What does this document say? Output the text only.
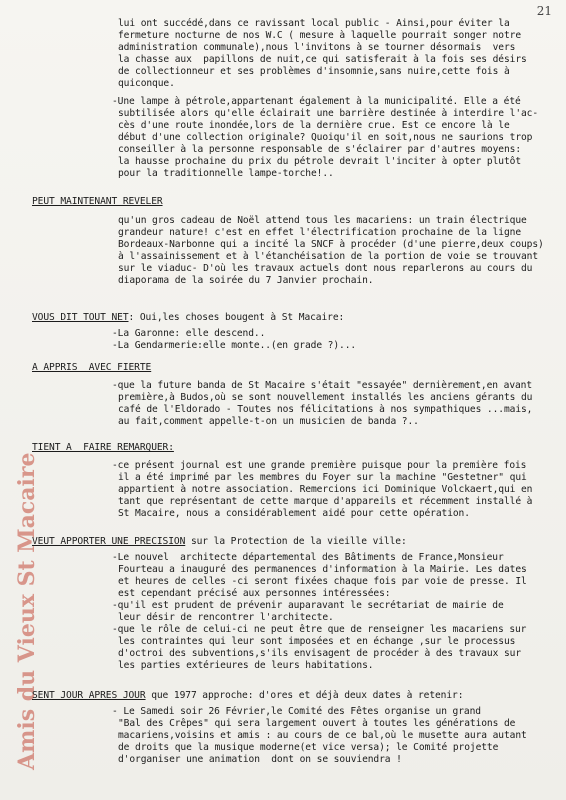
21
Amis du Vieux St Macaire
lui ont succédé,dans ce ravissant local public - Ainsi,pour éviter la
fermeture nocturne de nos W.C ( mesure à laquelle pourrait songer notre
administration communale),nous l'invitons à se tourner désormais  vers
la chasse aux  papillons de nuit,ce qui satisferait à la fois ses désirs
de collectionneur et ses problèmes d'insomnie,sans nuire,cette fois à
quiconque.
-Une lampe à pétrole,appartenant également à la municipalité. Elle a été
subtilisée alors qu'elle éclairait une barrière destinée à interdire l'ac-
cès d'une route inondée,lors de la dernière crue. Est ce encore là le
début d'une collection originale? Quoiqu'il en soit,nous ne saurions trop
conseiller à la personne responsable de s'éclairer par d'autres moyens:
la hausse prochaine du prix du pétrole devrait l'inciter à opter plutôt
pour la traditionnelle lampe-torche!..
PEUT MAINTENANT REVELER
qu'un gros cadeau de Noël attend tous les macariens: un train électrique
grandeur nature! c'est en effet l'électrification prochaine de la ligne
Bordeaux-Narbonne qui a incité la SNCF à procéder (d'une pierre,deux coups)
à l'assainissement et à l'étanchéisation de la portion de voie se trouvant
sur le viaduc- D'où les travaux actuels dont nous reparlerons au cours du
diaporama de la soirée du 7 Janvier prochain.
VOUS DIT TOUT NET: Oui,les choses bougent à St Macaire:
-La Garonne: elle descend..
-La Gendarmerie:elle monte..(en grade ?)...
A APPRIS  AVEC FIERTE
-que la future banda de St Macaire s'était "essayée" dernièrement,en avant
première,à Budos,où se sont nouvellement installés les anciens gérants du
café de l'Eldorado - Toutes nos félicitations à nos sympathiques ...mais,
au fait,comment appelle-t-on un musicien de banda ?..
TIENT A  FAIRE REMARQUER:
-ce présent journal est une grande première puisque pour la première fois
il a été imprimé par les membres du Foyer sur la machine "Gestetner" qui
appartient à notre association. Remercions ici Dominique Volckaert,qui en
tant que représentant de cette marque d'appareils et récemment installé à
St Macaire, nous a considérablement aidé pour cette opération.
VEUT APPORTER UNE PRECISION sur la Protection de la vieille ville:
-Le nouvel  architecte départemental des Bâtiments de France,Monsieur
Fourteau a inauguré des permanences d'information à la Mairie. Les dates
et heures de celles -ci seront fixées chaque fois par voie de presse. Il
est cependant précisé aux personnes intéressées:
-qu'il est prudent de prévenir auparavant le secrétariat de mairie de
leur désir de rencontrer l'architecte.
-que le rôle de celui-ci ne peut être que de renseigner les macariens sur
les contraintes qui leur sont imposées et en échange ,sur le processus
d'octroi des subventions,s'ils envisagent de procéder à des travaux sur
les parties extérieures de leurs habitations.
SENT JOUR APRES JOUR que 1977 approche: d'ores et déjà deux dates à retenir:
- Le Samedi soir 26 Février,le Comité des Fêtes organise un grand
"Bal des Crêpes" qui sera largement ouvert à toutes les générations de
macariens,voisins et amis : au cours de ce bal,où le musette aura autant
de droits que la musique moderne(et vice versa); le Comité projette
d'organiser une animation  dont on se souviendra !
